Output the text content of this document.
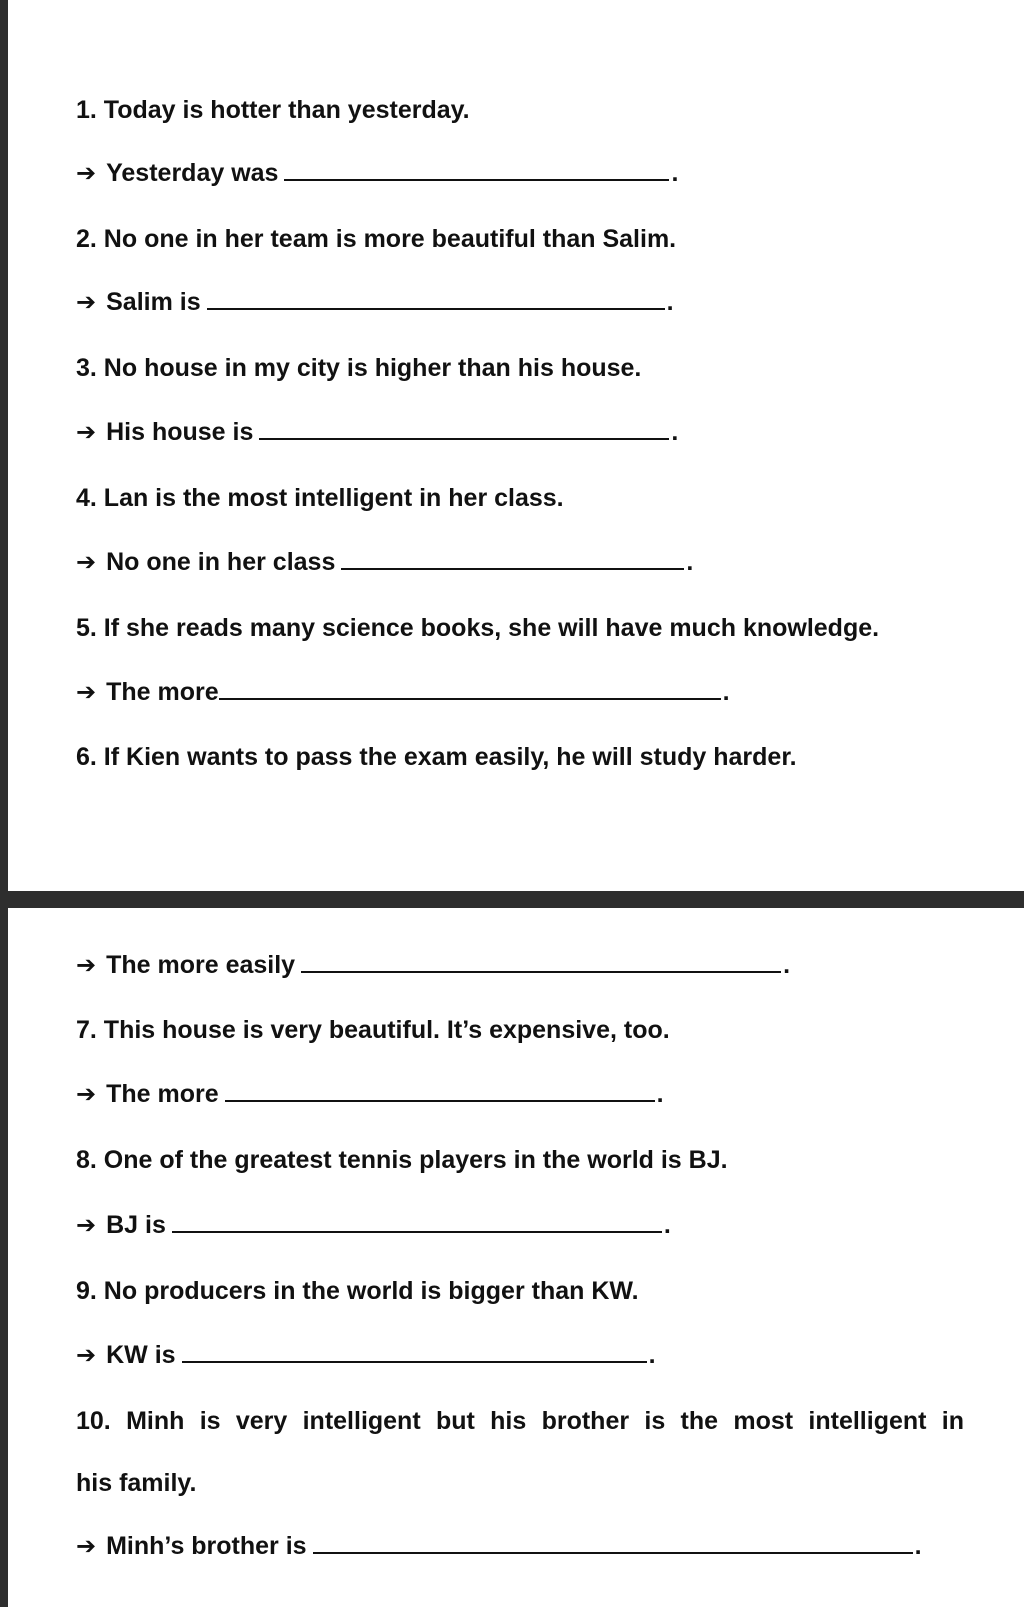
1. Today is hotter than yesterday.
➔ Yesterday was	.
2. No one in her team is more beautiful than Salim.
➔ Salim is	.
3. No house in my city is higher than his house.
➔ His house is	.
4. Lan is the most intelligent in her class.
➔ No one in her class	.
5. If she reads many science books, she will have much knowledge.
➔ The more	.
6. If Kien wants to pass the exam easily, he will study harder.
➔ The more easily	.
7. This house is very beautiful. It’s expensive, too.
➔ The more	.
8. One of the greatest tennis players in the world is BJ.
➔ BJ is	.
9. No producers in the world is bigger than KW.
➔ KW is	.
10. Minh is very intelligent but his brother is the most intelligent in
his family.
➔ Minh’s brother is	.
